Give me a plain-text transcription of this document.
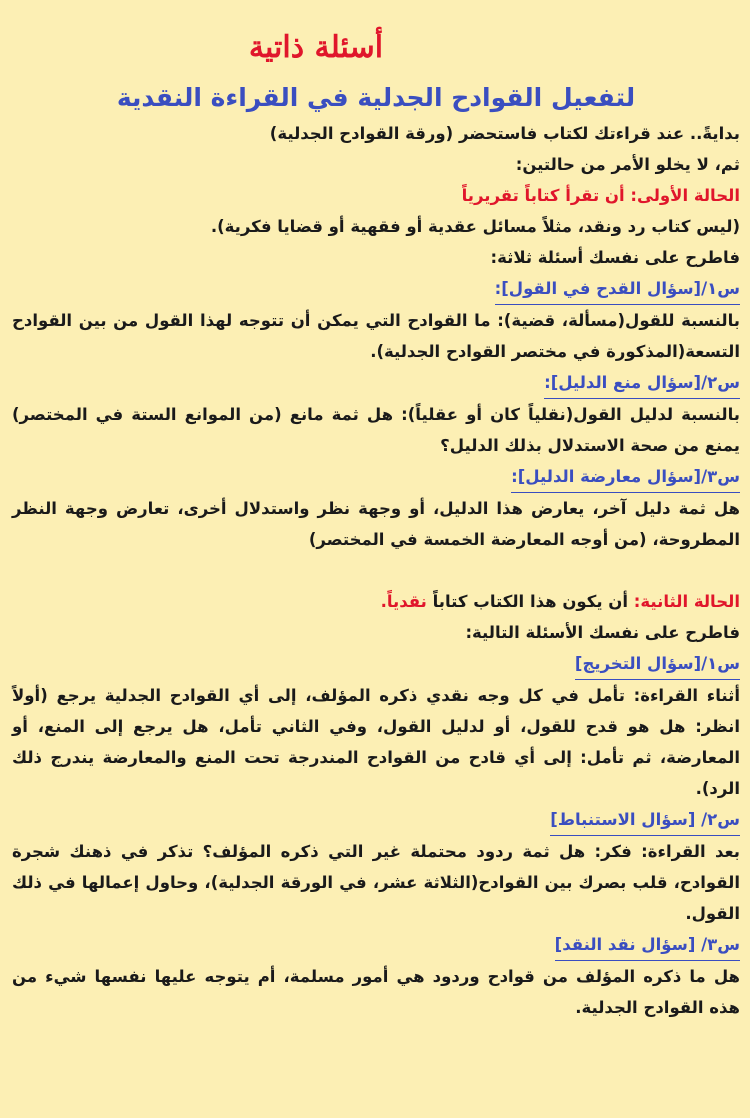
أسئلة ذاتية
لتفعيل القوادح الجدلية في القراءة النقدية

بدايةً.. عند قراءتك لكتاب فاستحضر (ورقة القوادح الجدلية)

ثم، لا يخلو الأمر من حالتين:

الحالة الأولى: أن تقرأ كتاباً تقريرياً

(ليس كتاب رد ونقد، مثلاً مسائل عقدية أو فقهية أو قضايا فكرية).

فاطرح على نفسك أسئلة ثلاثة:

س١/[سؤال القدح في القول]:

بالنسبة للقول(مسألة، قضية): ما القوادح التي يمكن أن تتوجه لهذا القول من بين القوادح التسعة(المذكورة في مختصر القوادح الجدلية).

س٢/[سؤال منع الدليل]:

بالنسبة لدليل القول(نقلياً كان أو عقلياً): هل ثمة مانع (من الموانع الستة في المختصر) يمنع من صحة الاستدلال بذلك الدليل؟

س٣/[سؤال معارضة الدليل]:

هل ثمة دليل آخر، يعارض هذا الدليل، أو وجهة نظر واستدلال أخرى، تعارض وجهة النظر المطروحة، (من أوجه المعارضة الخمسة في المختصر)

الحالة الثانية: أن يكون هذا الكتاب كتاباً نقدياً.

فاطرح على نفسك الأسئلة التالية:

س١/[سؤال التخريج]

أثناء القراءة: تأمل في كل وجه نقدي ذكره المؤلف، إلى أي القوادح الجدلية يرجع (أولاً انظر: هل هو قدح للقول، أو لدليل القول، وفي الثاني تأمل، هل يرجع إلى المنع، أو المعارضة، ثم تأمل: إلى أي قادح من القوادح المندرجة تحت المنع والمعارضة يندرج ذلك الرد).

س٢/ [سؤال الاستنباط]

بعد القراءة: فكر: هل ثمة ردود محتملة غير التي ذكره المؤلف؟ تذكر في ذهنك شجرة القوادح، قلب بصرك بين القوادح(الثلاثة عشر، في الورقة الجدلية)، وحاول إعمالها في ذلك القول.

س٣/ [سؤال نقد النقد]

هل ما ذكره المؤلف من قوادح وردود هي أمور مسلمة، أم يتوجه عليها نفسها شيء من هذه القوادح الجدلية.
